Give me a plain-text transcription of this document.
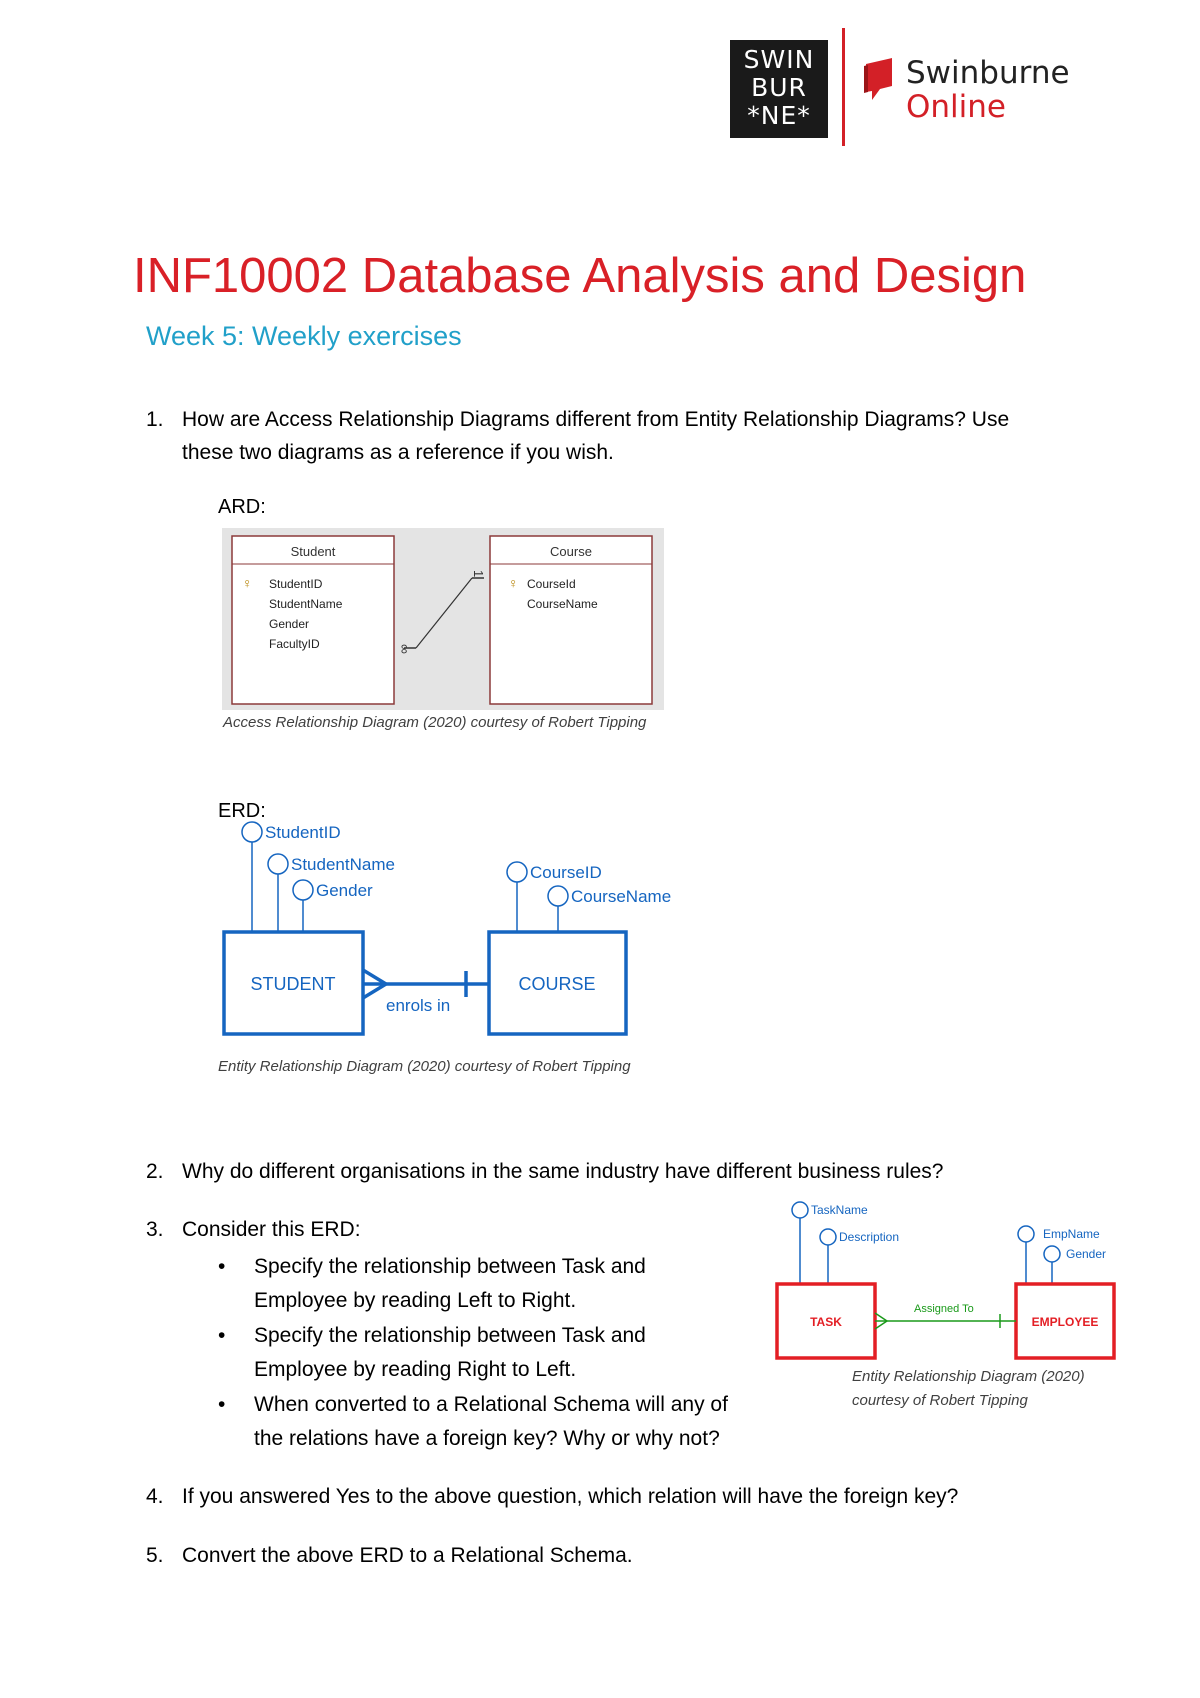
SWIN
BUR
*NE*
Swinburne
Online
INF10002 Database Analysis and Design
Week 5: Weekly exercises
1. How are Access Relationship Diagrams different from Entity Relationship Diagrams? Use
these two diagrams as a reference if you wish.
ARD:
Student
♀ StudentID
StudentName
Gender
FacultyID
Course
♀ CourseId
CourseName
1
∞
Access Relationship Diagram (2020) courtesy of Robert Tipping
ERD:
StudentID
StudentName
Gender
CourseID
CourseName
STUDENT	COURSE
enrols in
Entity Relationship Diagram (2020) courtesy of Robert Tipping
2. Why do different organisations in the same industry have different business rules?
3. Consider this ERD:
• Specify the relationship between Task and
Employee by reading Left to Right.
• Specify the relationship between Task and
Employee by reading Right to Left.
• When converted to a Relational Schema will any of
the relations have a foreign key? Why or why not?
TaskName
Description	EmpName
Gender
TASK	EMPLOYEE
Assigned To
Entity Relationship Diagram (2020)
courtesy of Robert Tipping
4. If you answered Yes to the above question, which relation will have the foreign key?
5. Convert the above ERD to a Relational Schema.
